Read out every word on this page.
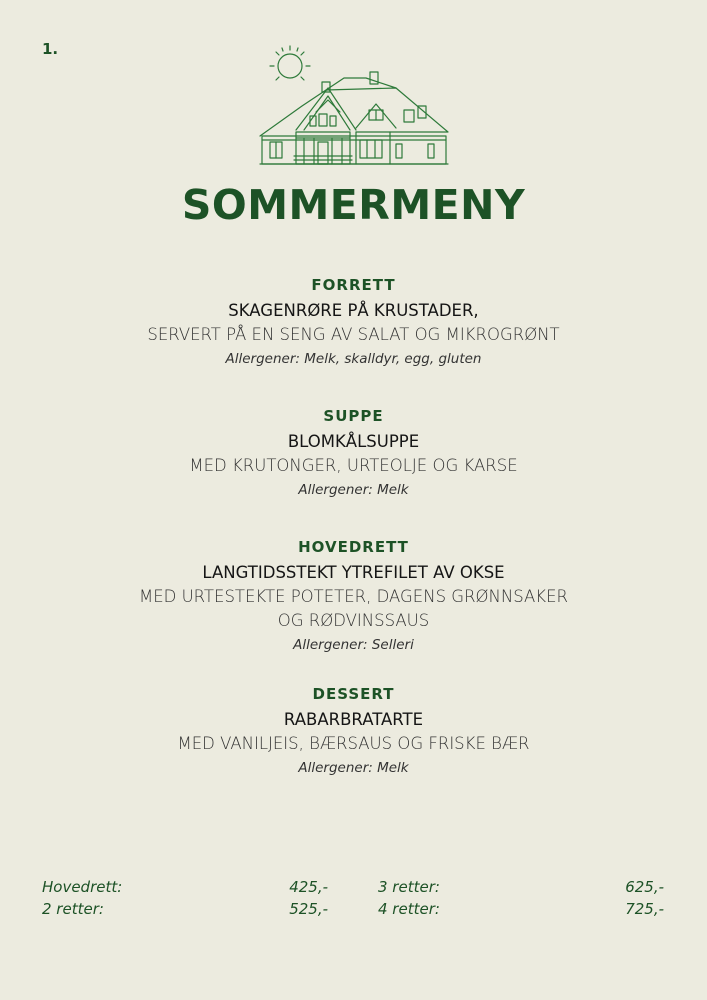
1.
SOMMERMENY
FORRETT
SKAGENRØRE PÅ KRUSTADER,
SERVERT PÅ EN SENG AV SALAT OG MIKROGRØNT
Allergener: Melk, skalldyr, egg, gluten
SUPPE
BLOMKÅLSUPPE
MED KRUTONGER, URTEOLJE OG KARSE
Allergener: Melk
HOVEDRETT
LANGTIDSSTEKT YTREFILET AV OKSE
MED URTESTEKTE POTETER, DAGENS GRØNNSAKER
OG RØDVINSSAUS
Allergener: Selleri
DESSERT
RABARBRATARTE
MED VANILJEIS, BÆRSAUS OG FRISKE BÆR
Allergener: Melk
Hovedrett:	425,-
2 retter:	525,-
3 retter:	625,-
4 retter:	725,-
